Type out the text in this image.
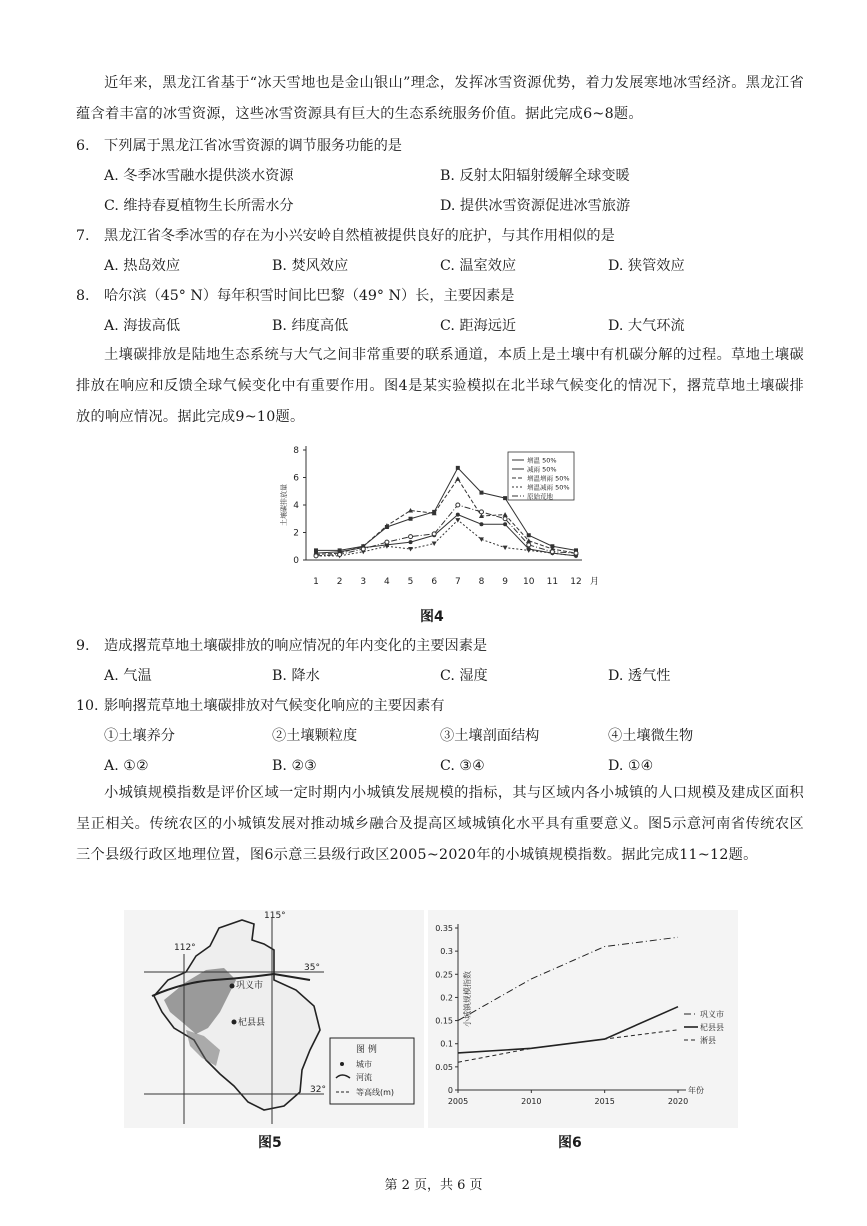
近年来，黑龙江省基于“冰天雪地也是金山银山”理念，发挥冰雪资源优势，着力发展寒地冰雪经济。黑龙江省蕴含着丰富的冰雪资源，这些冰雪资源具有巨大的生态系统服务价值。据此完成6~8题。
6. 下列属于黑龙江省冰雪资源的调节服务功能的是
A. 冬季冰雪融水提供淡水资源	B. 反射太阳辐射缓解全球变暖
C. 维持春夏植物生长所需水分	D. 提供冰雪资源促进冰雪旅游
7. 黑龙江省冬季冰雪的存在为小兴安岭自然植被提供良好的庇护，与其作用相似的是
A. 热岛效应	B. 焚风效应	C. 温室效应	D. 狭管效应
8. 哈尔滨（45° N）每年积雪时间比巴黎（49° N）长，主要因素是
A. 海拔高低	B. 纬度高低	C. 距海远近	D. 大气环流
土壤碳排放是陆地生态系统与大气之间非常重要的联系通道，本质上是土壤中有机碳分解的过程。草地土壤碳排放在响应和反馈全球气候变化中有重要作用。图4是某实验模拟在北半球气候变化的情况下，撂荒草地土壤碳排放的响应情况。据此完成9~10题。
0
2
4
6
8
土壤碳排放量
1 2 3 4 5 6 7 8 9 10 11 12 月
增温 50%
减雨 50%
增温增雨 50%
增温减雨 50%
原始荒地
图4
9. 造成撂荒草地土壤碳排放的响应情况的年内变化的主要因素是
A. 气温	B. 降水	C. 湿度	D. 透气性
10. 影响撂荒草地土壤碳排放对气候变化响应的主要因素有
①土壤养分	②土壤颗粒度	③土壤剖面结构	④土壤微生物
A. ①②	B. ②③	C. ③④	D. ①④
小城镇规模指数是评价区域一定时期内小城镇发展规模的指标，其与区域内各小城镇的人口规模及建成区面积呈正相关。传统农区的小城镇发展对推动城乡融合及提高区域城镇化水平具有重要意义。图5示意河南省传统农区三个县级行政区地理位置，图6示意三县级行政区2005~2020年的小城镇规模指数。据此完成11~12题。
115°
112°
35°
32°
巩义市
杞县县
图 例
城市
河流
等高线(m)
图5
0
0.05
0.1
0.15
0.2
0.25
0.3
0.35
小城镇规模指数
2005	2010	2015	2020
年份
巩义市
杞县县
淅县
图6
第 2 页，共 6 页
